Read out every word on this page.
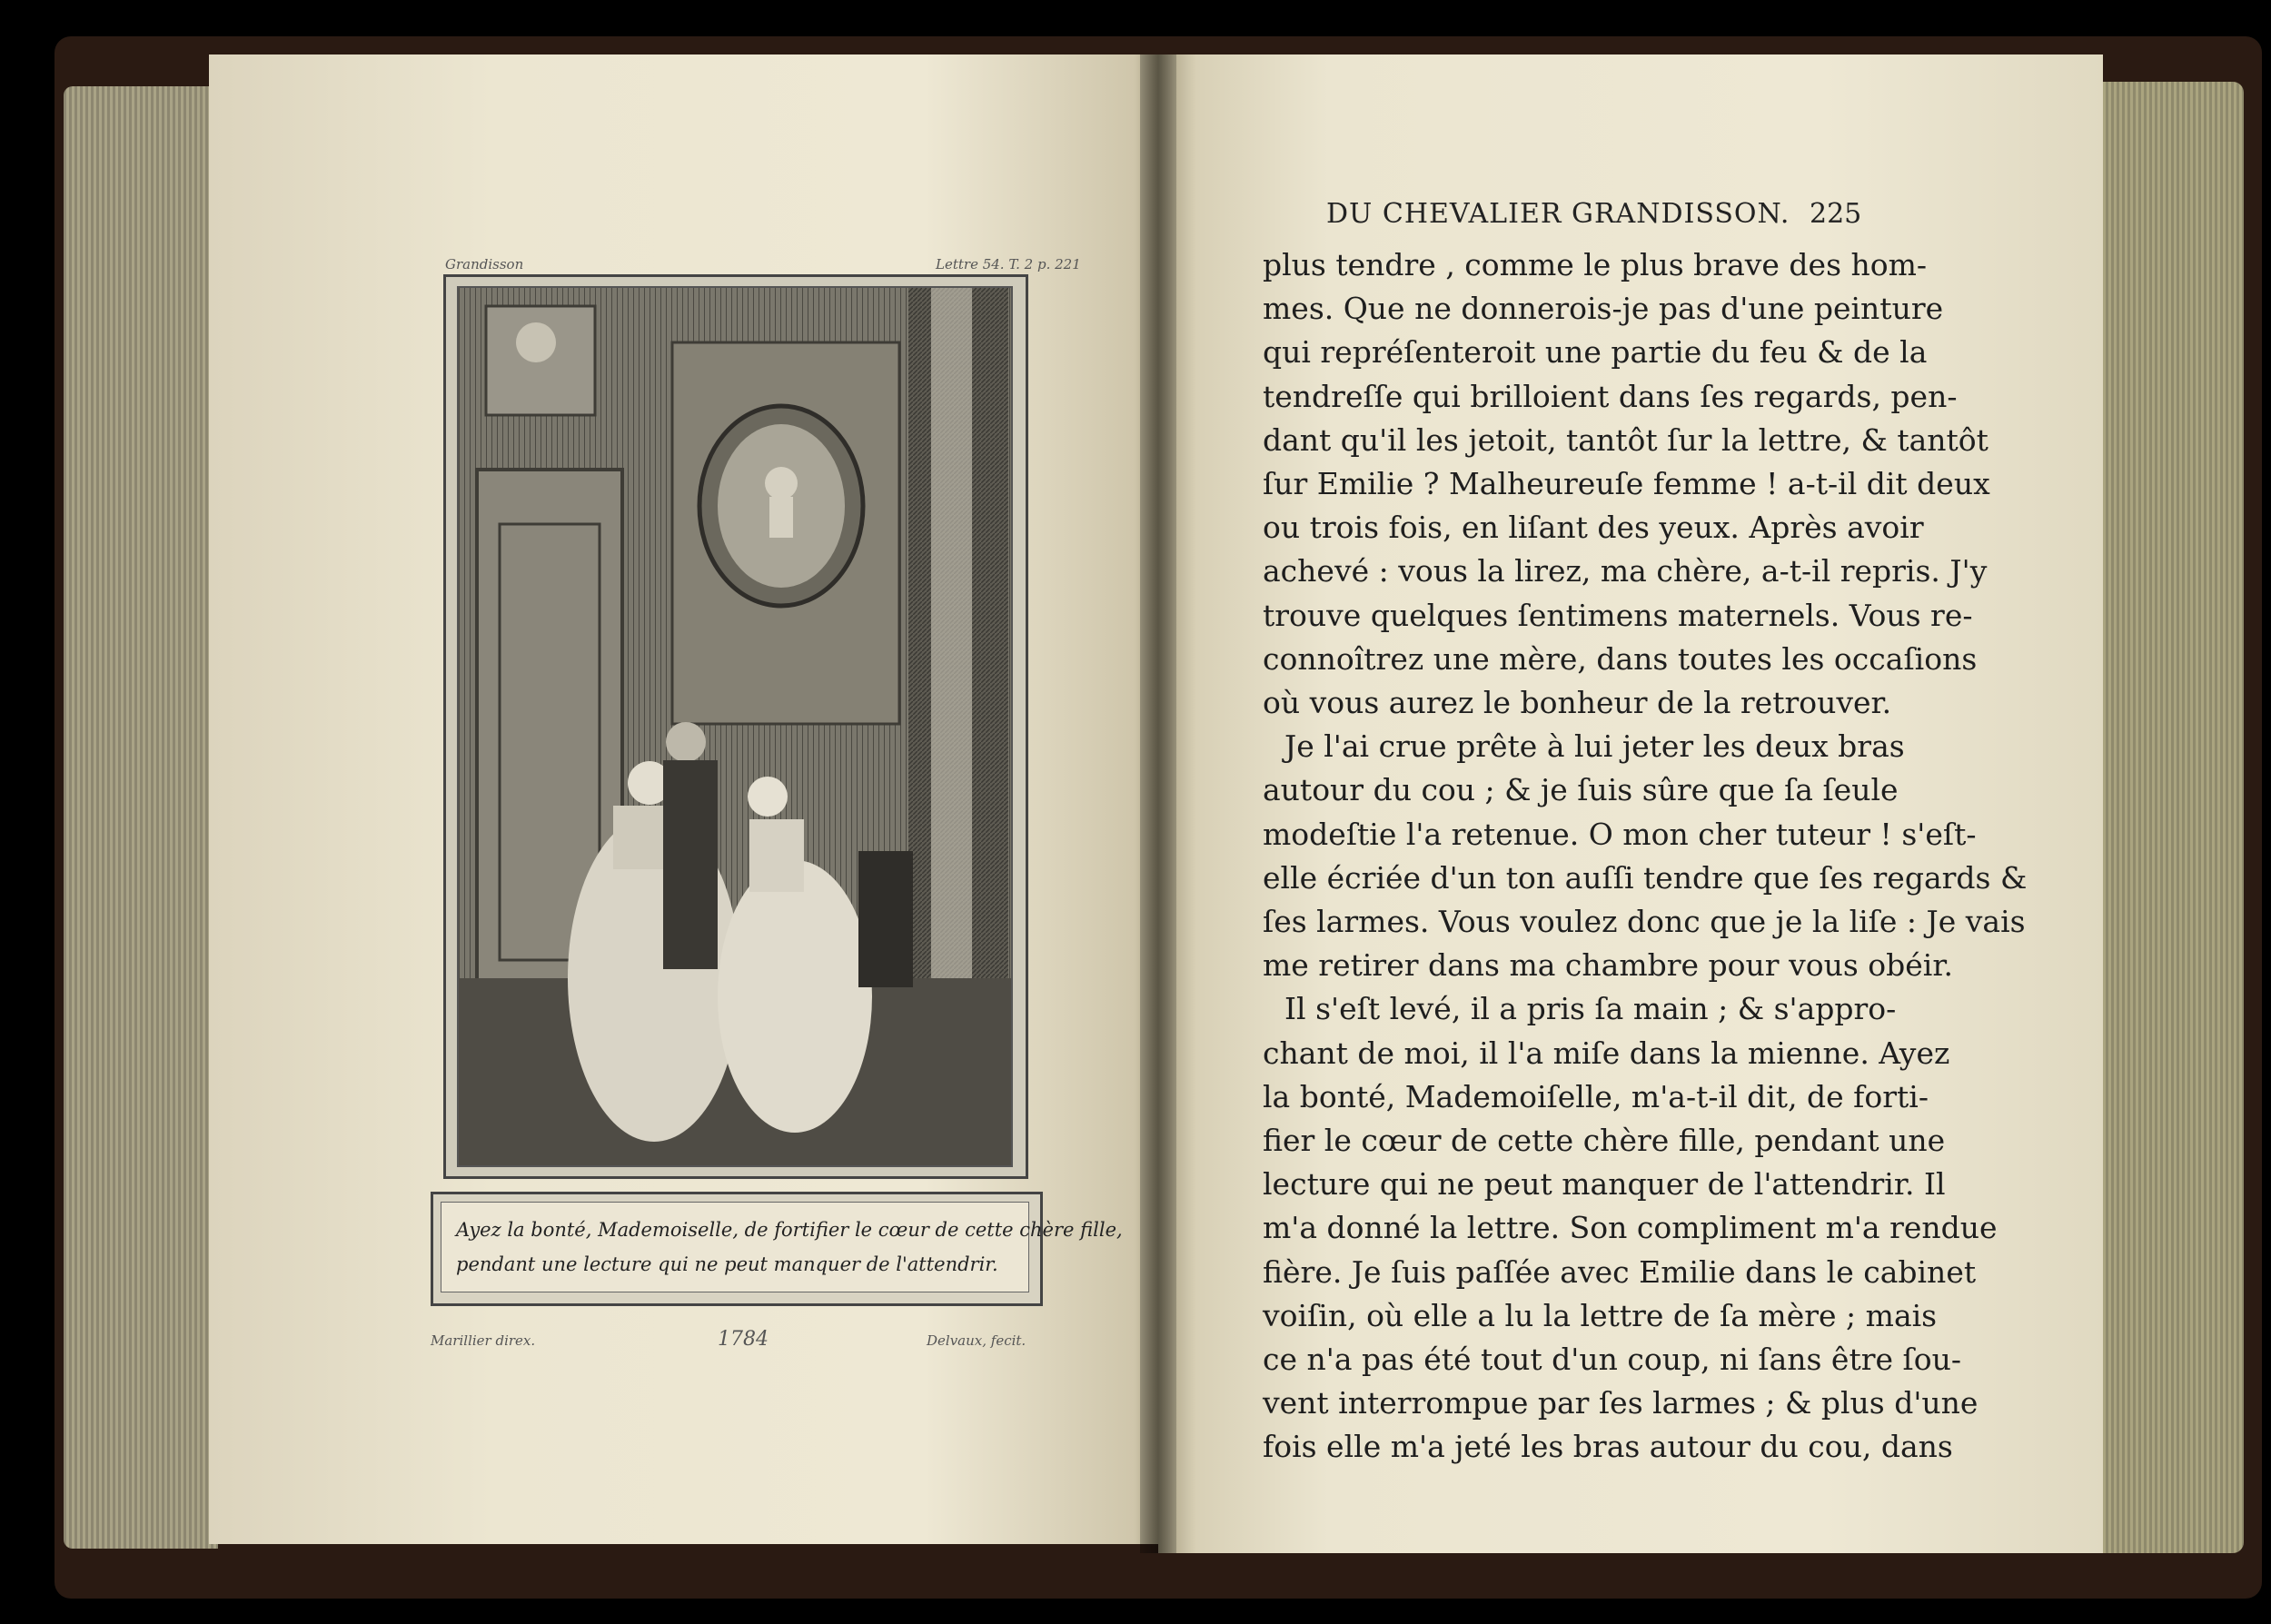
Grandisson	Lettre 54. T. 2 p. 221
Ayez la bonté, Mademoiselle, de fortifier le cœur de cette chère fille,
pendant une lecture qui ne peut manquer de l'attendrir.
Marillier direx.	1784	Delvaux, fecit.
DU CHEVALIER GRANDISSON. 225
plus tendre , comme le plus brave des hom-
mes. Que ne donnerois-je pas d'une peinture
qui repréſenteroit une partie du feu & de la
tendreſſe qui brilloient dans ſes regards, pen-
dant qu'il les jetoit, tantôt ſur la lettre, & tantôt
ſur Emilie ? Malheureuſe femme ! a-t-il dit deux
ou trois fois, en liſant des yeux. Après avoir
achevé : vous la lirez, ma chère, a-t-il repris. J'y
trouve quelques ſentimens maternels. Vous re-
connoîtrez une mère, dans toutes les occaſions
où vous aurez le bonheur de la retrouver.
Je l'ai crue prête à lui jeter les deux bras
autour du cou ; & je ſuis sûre que ſa ſeule
modeſtie l'a retenue. O mon cher tuteur ! s'eſt-
elle écriée d'un ton auſſi tendre que ſes regards &
ſes larmes. Vous voulez donc que je la liſe : Je vais
me retirer dans ma chambre pour vous obéir.
Il s'eſt levé, il a pris ſa main ; & s'appro-
chant de moi, il l'a miſe dans la mienne. Ayez
la bonté, Mademoiſelle, m'a-t-il dit, de forti-
fier le cœur de cette chère fille, pendant une
lecture qui ne peut manquer de l'attendrir. Il
m'a donné la lettre. Son compliment m'a rendue
fière. Je ſuis paſſée avec Emilie dans le cabinet
voiſin, où elle a lu la lettre de ſa mère ; mais
ce n'a pas été tout d'un coup, ni ſans être ſou-
vent interrompue par ſes larmes ; & plus d'une
fois elle m'a jeté les bras autour du cou, dans
